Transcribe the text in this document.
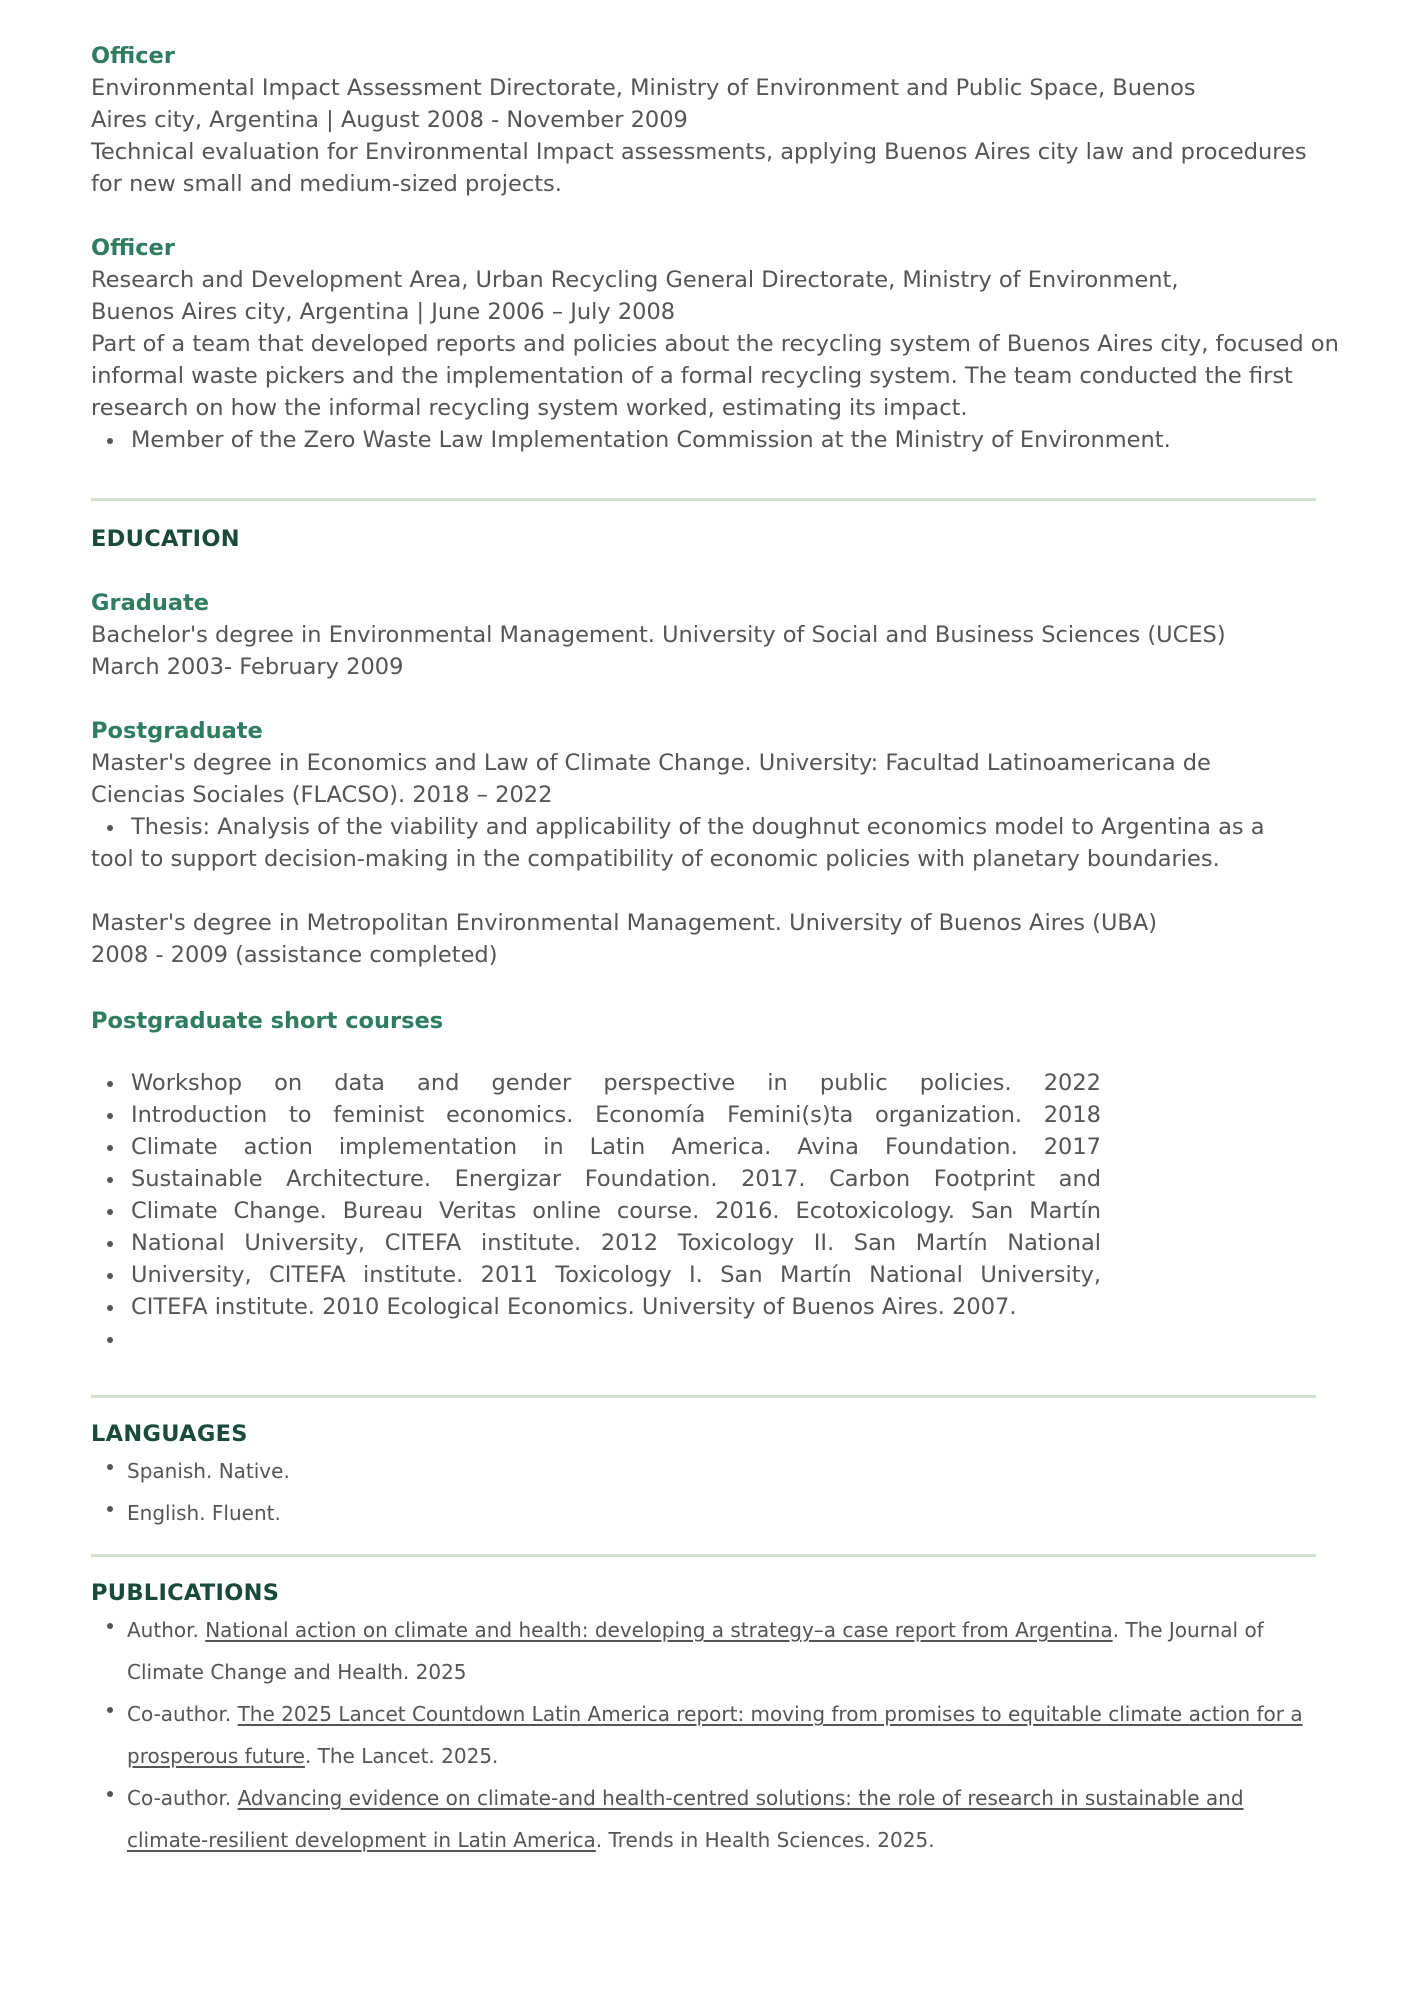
Officer
Environmental Impact Assessment Directorate, Ministry of Environment and Public Space, Buenos
Aires city, Argentina | August 2008 - November 2009
Technical evaluation for Environmental Impact assessments, applying Buenos Aires city law and procedures
for new small and medium-sized projects.
Officer
Research and Development Area, Urban Recycling General Directorate, Ministry of Environment,
Buenos Aires city, Argentina | June 2006 – July 2008
Part of a team that developed reports and policies about the recycling system of Buenos Aires city, focused on
informal waste pickers and the implementation of a formal recycling system. The team conducted the first
research on how the informal recycling system worked, estimating its impact.
Member of the Zero Waste Law Implementation Commission at the Ministry of Environment.
EDUCATION
Graduate
Bachelor's degree in Environmental Management. University of Social and Business Sciences (UCES)
March 2003- February 2009
Postgraduate
Master's degree in Economics and Law of Climate Change. University: Facultad Latinoamericana de
Ciencias Sociales (FLACSO). 2018 – 2022
Thesis: Analysis of the viability and applicability of the doughnut economics model to Argentina as a
tool to support decision-making in the compatibility of economic policies with planetary boundaries.
Master's degree in Metropolitan Environmental Management. University of Buenos Aires (UBA)
2008 - 2009 (assistance completed)
Postgraduate short courses
Workshop on data and gender perspective in public policies. 2022
Introduction to feminist economics. Economía Femini(s)ta organization. 2018
Climate action implementation in Latin America. Avina Foundation. 2017
Sustainable Architecture. Energizar Foundation. 2017. Carbon Footprint and
Climate Change. Bureau Veritas online course. 2016. Ecotoxicology. San Martín
National University, CITEFA institute. 2012 Toxicology II. San Martín National
University, CITEFA institute. 2011 Toxicology I. San Martín National University,
CITEFA institute. 2010 Ecological Economics. University of Buenos Aires. 2007.
LANGUAGES
Spanish. Native.
English. Fluent.
PUBLICATIONS
Author. National action on climate and health: developing a strategy–a case report from Argentina. The Journal of Climate Change and Health. 2025
Co-author. The 2025 Lancet Countdown Latin America report: moving from promises to equitable climate action for a prosperous future. The Lancet. 2025.
Co-author. Advancing evidence on climate-and health-centred solutions: the role of research in sustainable and climate-resilient development in Latin America. Trends in Health Sciences. 2025.
